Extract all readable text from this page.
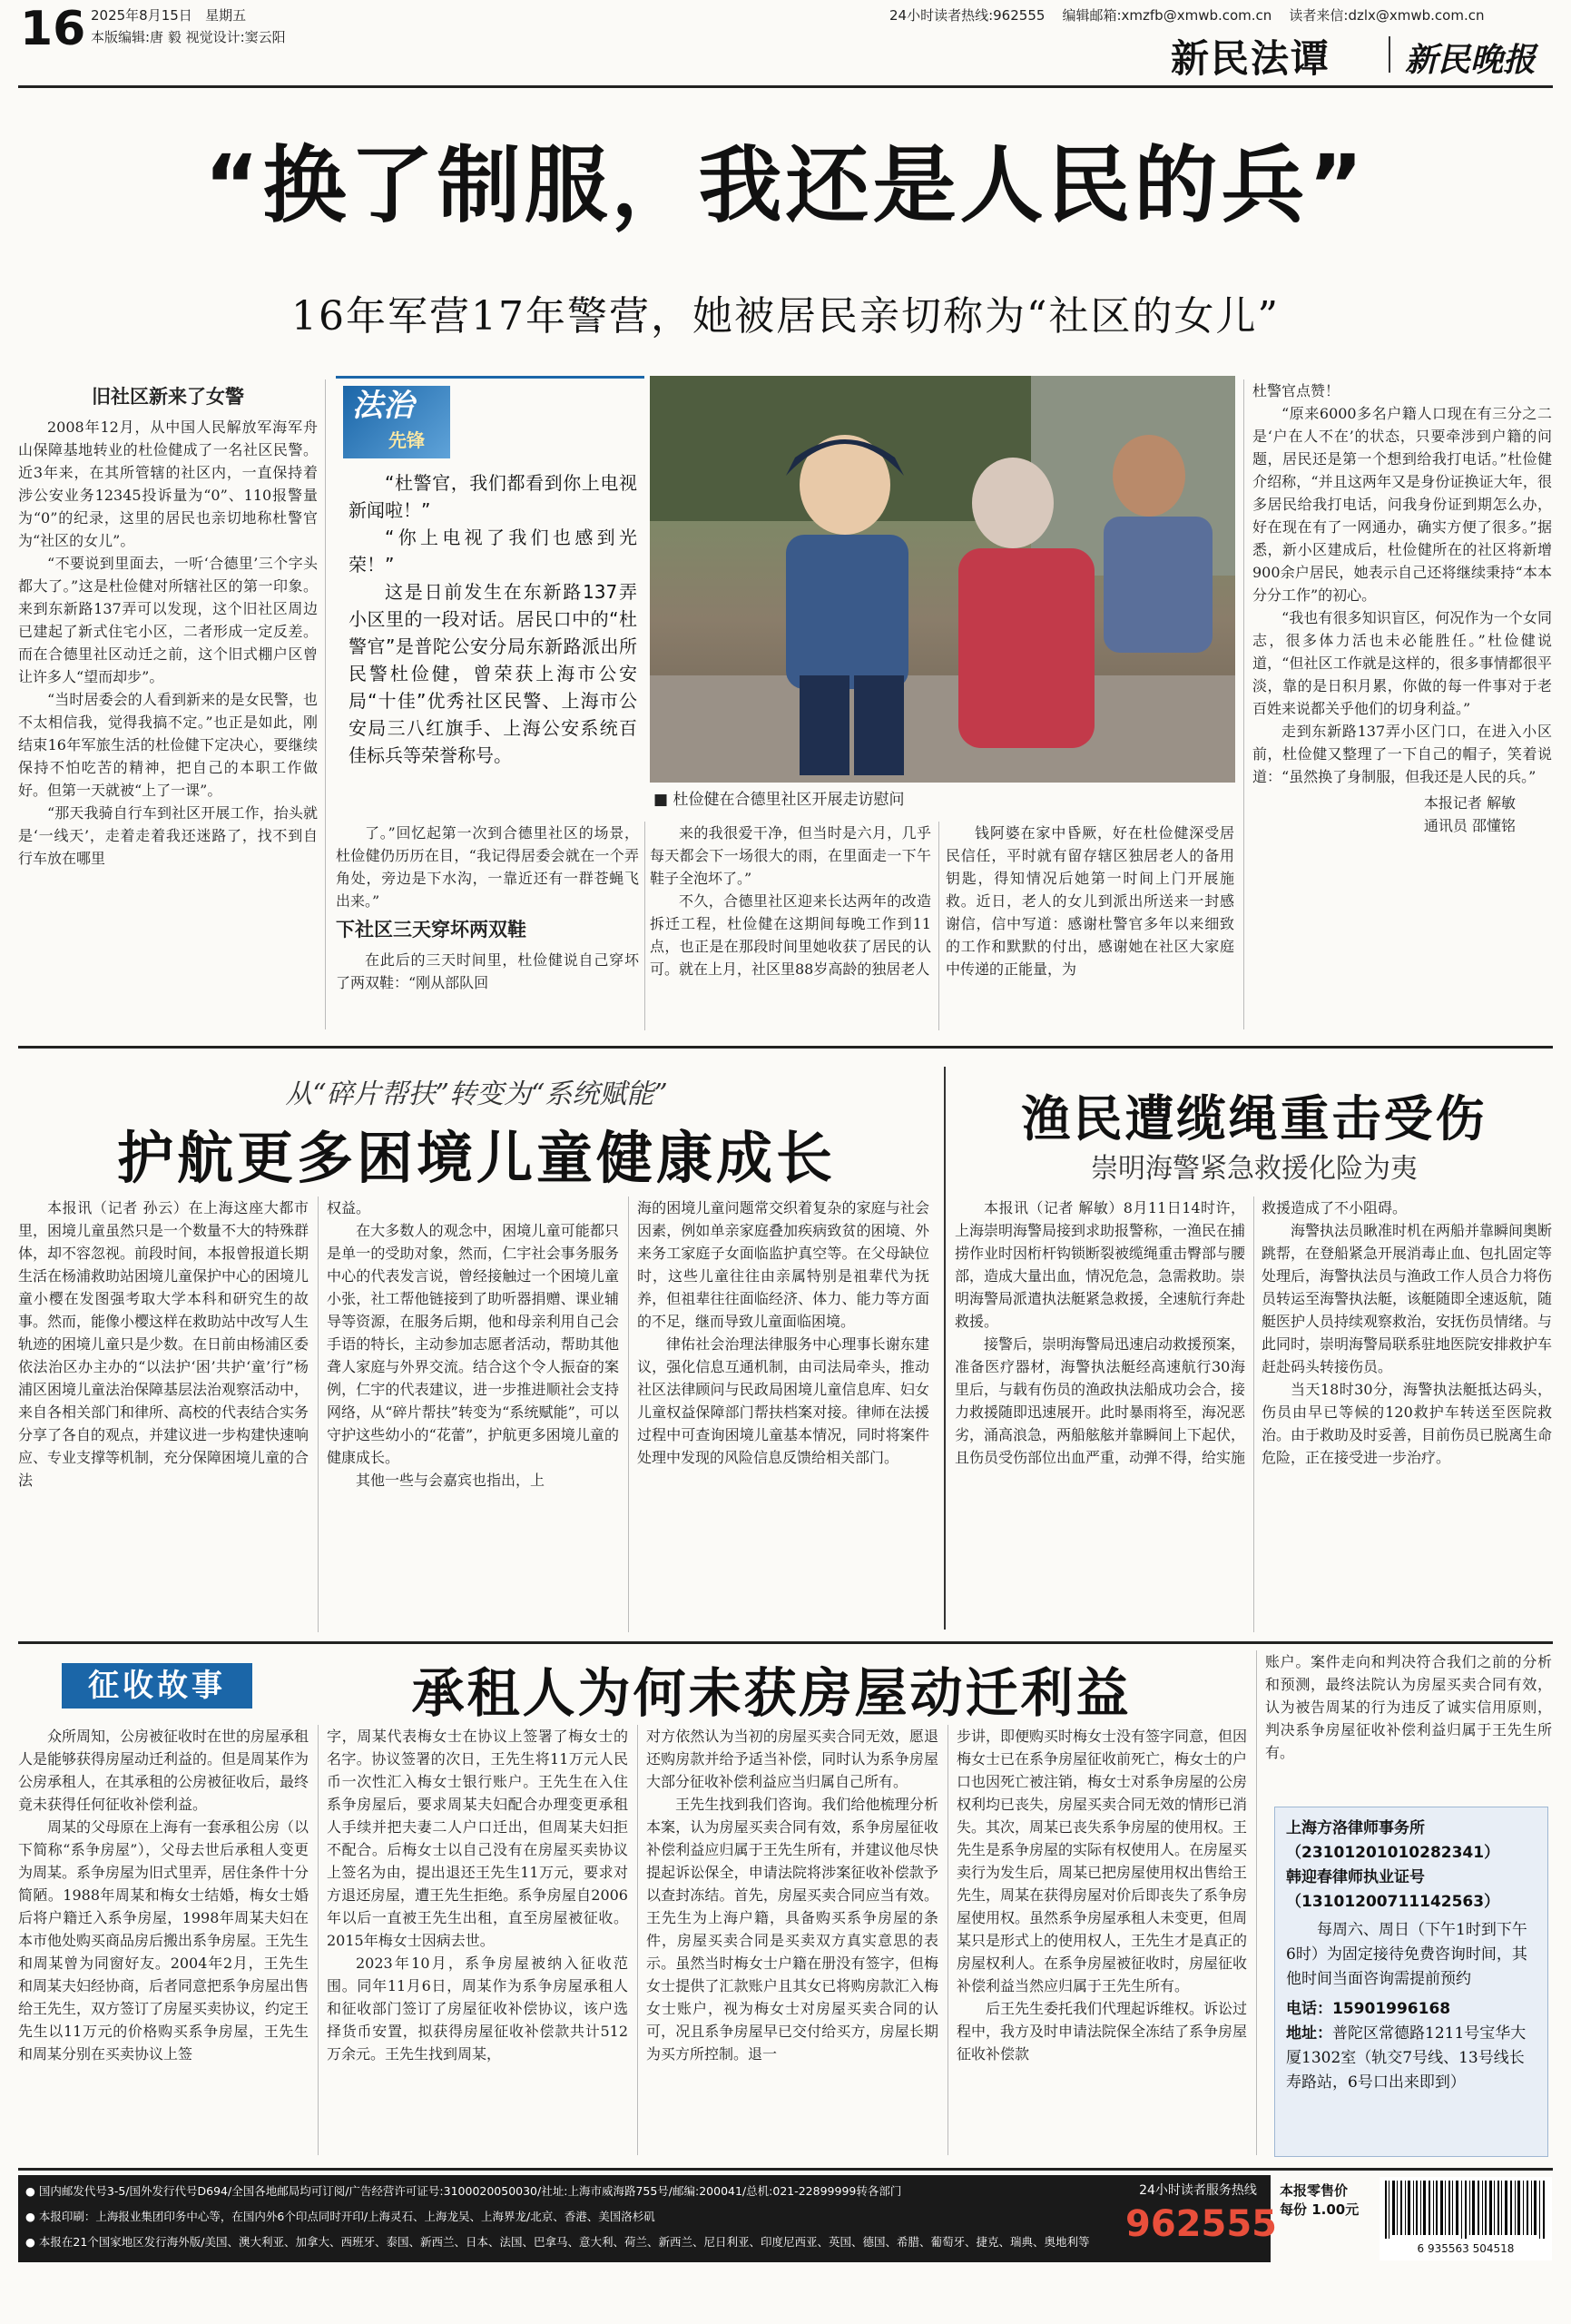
16 2025年8月15日 星期五
本版编辑:唐 毅 视觉设计:窦云阳
24小时读者热线:962555 编辑邮箱:xmzfb@xmwb.com.cn 读者来信:dzlx@xmwb.com.cn
新民法谭 新民晚报
“换了制服，我还是人民的兵”
16年军营17年警营，她被居民亲切称为“社区的女儿”
旧社区新来了女警

2008年12月，从中国人民解放军海军舟山保障基地转业的杜俭健成了一名社区民警。近3年来，在其所管辖的社区内，一直保持着涉公安业务12345投诉量为“0”、110报警量为“0”的纪录，这里的居民也亲切地称杜警官为“社区的女儿”。

“不要说到里面去，一听‘合德里’三个字头都大了。”这是杜俭健对所辖社区的第一印象。来到东新路137弄可以发现，这个旧社区周边已建起了新式住宅小区，二者形成一定反差。而在合德里社区动迁之前，这个旧式棚户区曾让许多人“望而却步”。

“当时居委会的人看到新来的是女民警，也不太相信我，觉得我搞不定。”也正是如此，刚结束16年军旅生活的杜俭健下定决心，要继续保持不怕吃苦的精神，把自己的本职工作做好。但第一天就被“上了一课”。

“那天我骑自行车到社区开展工作，抬头就是‘一线天’，走着走着我还迷路了，找不到自行车放在哪里

法治
先锋

“杜警官，我们都看到你上电视新闻啦！”

“你上电视了我们也感到光荣！”

这是日前发生在东新路137弄小区里的一段对话。居民口中的“杜警官”是普陀公安分局东新路派出所民警杜俭健，曾荣获上海市公安局“十佳”优秀社区民警、上海市公安局三八红旗手、上海公安系统百佳标兵等荣誉称号。

■ 杜俭健在合德里社区开展走访慰问

了。”回忆起第一次到合德里社区的场景，杜俭健仍历历在目，“我记得居委会就在一个弄角处，旁边是下水沟，一靠近还有一群苍蝇飞出来。”

下社区三天穿坏两双鞋

在此后的三天时间里，杜俭健说自己穿坏了两双鞋：“刚从部队回

来的我很爱干净，但当时是六月，几乎每天都会下一场很大的雨，在里面走一下午鞋子全泡坏了。”

不久，合德里社区迎来长达两年的改造拆迁工程，杜俭健在这期间每晚工作到11点，也正是在那段时间里她收获了居民的认可。就在上月，社区里88岁高龄的独居老人

钱阿婆在家中昏厥，好在杜俭健深受居民信任，平时就有留存辖区独居老人的备用钥匙，得知情况后她第一时间上门开展施救。近日，老人的女儿到派出所送来一封感谢信，信中写道：感谢杜警官多年以来细致的工作和默默的付出，感谢她在社区大家庭中传递的正能量，为

杜警官点赞！

“原来6000多名户籍人口现在有三分之二是‘户在人不在’的状态，只要牵涉到户籍的问题，居民还是第一个想到给我打电话。”杜俭健介绍称，“并且这两年又是身份证换证大年，很多居民给我打电话，问我身份证到期怎么办，好在现在有了一网通办，确实方便了很多。”据悉，新小区建成后，杜俭健所在的社区将新增900余户居民，她表示自己还将继续秉持“本本分分工作”的初心。

“我也有很多知识盲区，何况作为一个女同志，很多体力活也未必能胜任。”杜俭健说道，“但社区工作就是这样的，很多事情都很平淡，靠的是日积月累，你做的每一件事对于老百姓来说都关乎他们的切身利益。”

走到东新路137弄小区门口，在进入小区前，杜俭健又整理了一下自己的帽子，笑着说道：“虽然换了身制服，但我还是人民的兵。”

本报记者 解敏
通讯员 邵懂铭
从“碎片帮扶”转变为“系统赋能”
护航更多困境儿童健康成长

本报讯（记者 孙云）在上海这座大都市里，困境儿童虽然只是一个数量不大的特殊群体，却不容忽视。前段时间，本报曾报道长期生活在杨浦救助站困境儿童保护中心的困境儿童小樱在发图强考取大学本科和研究生的故事。然而，能像小樱这样在救助站中改写人生轨迹的困境儿童只是少数。在日前由杨浦区委依法治区办主办的“以法护‘困’共护‘童’行”杨浦区困境儿童法治保障基层法治观察活动中，来自各相关部门和律所、高校的代表结合实务分享了各自的观点，并建议进一步构建快速响应、专业支撑等机制，充分保障困境儿童的合法

权益。

在大多数人的观念中，困境儿童可能都只是单一的受助对象，然而，仁宇社会事务服务中心的代表发言说，曾经接触过一个困境儿童小张，社工帮他链接到了助听器捐赠、课业辅导等资源，在服务后期，他和母亲利用自己会手语的特长，主动参加志愿者活动，帮助其他聋人家庭与外界交流。结合这个令人振奋的案例，仁宇的代表建议，进一步推进顺社会支持网络，从“碎片帮扶”转变为“系统赋能”，可以守护这些幼小的“花蕾”，护航更多困境儿童的健康成长。

其他一些与会嘉宾也指出，上

海的困境儿童问题常交织着复杂的家庭与社会因素，例如单亲家庭叠加疾病致贫的困境、外来务工家庭子女面临监护真空等。在父母缺位时，这些儿童往往由亲属特别是祖辈代为抚养，但祖辈往往面临经济、体力、能力等方面的不足，继而导致儿童面临困境。

律佑社会治理法律服务中心理事长谢东建议，强化信息互通机制，由司法局牵头，推动社区法律顾问与民政局困境儿童信息库、妇女儿童权益保障部门帮扶档案对接。律师在法援过程中可查询困境儿童基本情况，同时将案件处理中发现的风险信息反馈给相关部门。

渔民遭缆绳重击受伤
崇明海警紧急救援化险为夷

本报讯（记者 解敏）8月11日14时许，上海崇明海警局接到求助报警称，一渔民在捕捞作业时因桁杆钩锁断裂被缆绳重击臀部与腰部，造成大量出血，情况危急，急需救助。崇明海警局派遣执法艇紧急救援，全速航行奔赴救援。

接警后，崇明海警局迅速启动救援预案，准备医疗器材，海警执法艇经高速航行30海里后，与载有伤员的渔政执法船成功会合，接力救援随即迅速展开。此时暴雨将至，海况恶劣，涌高浪急，两船舷舷并靠瞬间上下起伏，且伤员受伤部位出血严重，动弹不得，给实施

救援造成了不小阻碍。

海警执法员瞅准时机在两船并靠瞬间奥断跳帮，在登船紧急开展消毒止血、包扎固定等处理后，海警执法员与渔政工作人员合力将伤员转运至海警执法艇，该艇随即全速返航，随艇医护人员持续观察救治，安抚伤员情绪。与此同时，崇明海警局联系驻地医院安排救护车赶赴码头转接伤员。

当天18时30分，海警执法艇抵达码头，伤员由早已等候的120救护车转送至医院救治。由于救助及时妥善，目前伤员已脱离生命危险，正在接受进一步治疗。

征收故事	承租人为何未获房屋动迁利益

众所周知，公房被征收时在世的房屋承租人是能够获得房屋动迁利益的。但是周某作为公房承租人，在其承租的公房被征收后，最终竟未获得任何征收补偿利益。

周某的父母原在上海有一套承租公房（以下简称“系争房屋”），父母去世后承租人变更为周某。系争房屋为旧式里弄，居住条件十分简陋。1988年周某和梅女士结婚，梅女士婚后将户籍迁入系争房屋，1998年周某夫妇在本市他处购买商品房后搬出系争房屋。王先生和周某曾为同窗好友。2004年2月，王先生和周某夫妇经协商，后者同意把系争房屋出售给王先生，双方签订了房屋买卖协议，约定王先生以11万元的价格购买系争房屋，王先生和周某分别在买卖协议上签

字，周某代表梅女士在协议上签署了梅女士的名字。协议签署的次日，王先生将11万元人民币一次性汇入梅女士银行账户。王先生在入住系争房屋后，要求周某夫妇配合办理变更承租人手续并把夫妻二人户口迁出，但周某夫妇拒不配合。后梅女士以自己没有在房屋买卖协议上签名为由，提出退还王先生11万元，要求对方退还房屋，遭王先生拒绝。系争房屋自2006年以后一直被王先生出租，直至房屋被征收。2015年梅女士因病去世。

2023年10月，系争房屋被纳入征收范围。同年11月6日，周某作为系争房屋承租人和征收部门签订了房屋征收补偿协议，该户选择货币安置，拟获得房屋征收补偿款共计512万余元。王先生找到周某，

对方依然认为当初的房屋买卖合同无效，愿退还购房款并给予适当补偿，同时认为系争房屋大部分征收补偿利益应当归属自己所有。

王先生找到我们咨询。我们给他梳理分析本案，认为房屋买卖合同有效，系争房屋征收补偿利益应归属于王先生所有，并建议他尽快提起诉讼保全，申请法院将涉案征收补偿款予以查封冻结。首先，房屋买卖合同应当有效。王先生为上海户籍，具备购买系争房屋的条件，房屋买卖合同是买卖双方真实意思的表示。虽然当时梅女士户籍在册没有签字，但梅女士提供了汇款账户且其女已将购房款汇入梅女士账户，视为梅女士对房屋买卖合同的认可，况且系争房屋早已交付给买方，房屋长期为买方所控制。退一

步讲，即便购买时梅女士没有签字同意，但因梅女士已在系争房屋征收前死亡，梅女士的户口也因死亡被注销，梅女士对系争房屋的公房权利均已丧失，房屋买卖合同无效的情形已消失。其次，周某已丧失系争房屋的使用权。王先生是系争房屋的实际有权使用人。在房屋买卖行为发生后，周某已把房屋使用权出售给王先生，周某在获得房屋对价后即丧失了系争房屋使用权。虽然系争房屋承租人未变更，但周某只是形式上的使用权人，王先生才是真正的房屋权利人。在系争房屋被征收时，房屋征收补偿利益当然应归属于王先生所有。

后王先生委托我们代理起诉维权。诉讼过程中，我方及时申请法院保全冻结了系争房屋征收补偿款

账户。案件走向和判决符合我们之前的分析和预测，最终法院认为房屋买卖合同有效，认为被告周某的行为违反了诚实信用原则，判决系争房屋征收补偿利益归属于王先生所有。

上海方洛律师事务所
（23101201010282341）
韩迎春律师执业证号
（13101200711142563）
每周六、周日（下午1时到下午6时）为固定接待免费咨询时间，其他时间当面咨询需提前预约
电话：15901996168
地址：普陀区常德路1211号宝华大厦1302室（轨交7号线、13号线长寿路站，6号口出来即到）
● 国内邮发代号3-5/国外发行代号D694/全国各地邮局均可订阅/广告经营许可证号:3100020050030/社址:上海市威海路755号/邮编:200041/总机:021-22899999转各部门
● 本报印刷：上海报业集团印务中心等，在国内外6个印点同时开印/上海灵石、上海龙吴、上海界龙/北京、香港、美国洛杉矶
● 本报在21个国家地区发行海外版/美国、澳大利亚、加拿大、西班牙、泰国、新西兰、日本、法国、巴拿马、意大利、荷兰、新西兰、尼日利亚、印度尼西亚、英国、德国、希腊、葡萄牙、捷克、瑞典、奥地利等
24小时读者服务热线
962555
本报零售价
每份 1.00元
6 935563 504518
